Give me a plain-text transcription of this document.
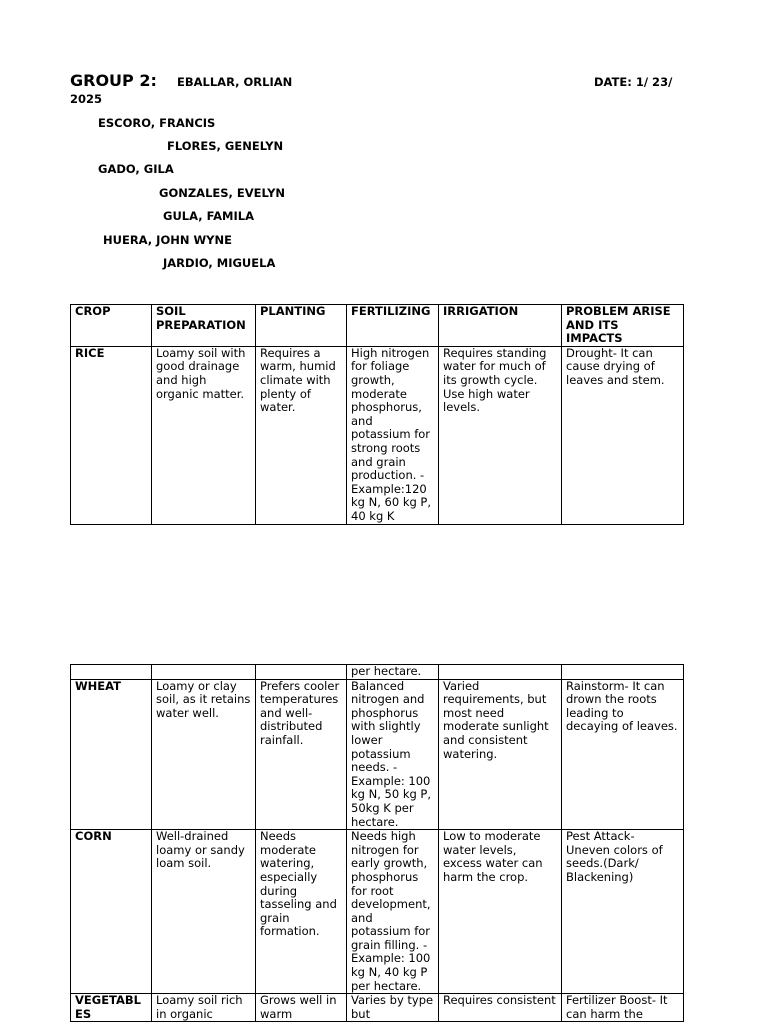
GROUP 2: EBALLAR, ORLIAN	DATE: 1/ 23/
2025
ESCORO, FRANCIS
FLORES, GENELYN
GADO, GILA
GONZALES, EVELYN
GULA, FAMILA
HUERA, JOHN WYNE
JARDIO, MIGUELA
CROP	SOIL PREPARATION	PLANTING	FERTILIZING	IRRIGATION	PROBLEM ARISE AND ITS IMPACTS
RICE	Loamy soil with good drainage and high organic matter.	Requires a warm, humid climate with plenty of water.	High nitrogen for foliage growth, moderate phosphorus, and potassium for strong roots and grain production. -Example:120 kg N, 60 kg P, 40 kg K	Requires standing water for much of its growth cycle. Use high water levels.	Drought- It can cause drying of leaves and stem.
			per hectare.		
WHEAT	Loamy or clay soil, as it retains water well.	Prefers cooler temperatures and well-distributed rainfall.	Balanced nitrogen and phosphorus with slightly lower potassium needs. -Example: 100 kg N, 50 kg P, 50kg K per hectare.	Varied requirements, but most need moderate sunlight and consistent watering.	Rainstorm- It can drown the roots leading to decaying of leaves.
CORN	Well-drained loamy or sandy loam soil.	Needs moderate watering, especially during tasseling and grain formation.	Needs high nitrogen for early growth, phosphorus for root development, and potassium for grain filling. -Example: 100 kg N, 40 kg P per hectare.	Low to moderate water levels, excess water can harm the crop.	Pest Attack- Uneven colors of seeds.(Dark/ Blackening)
VEGETABLES	Loamy soil rich in organic	Grows well in warm	Varies by type but	Requires consistent	Fertilizer Boost- It can harm the
